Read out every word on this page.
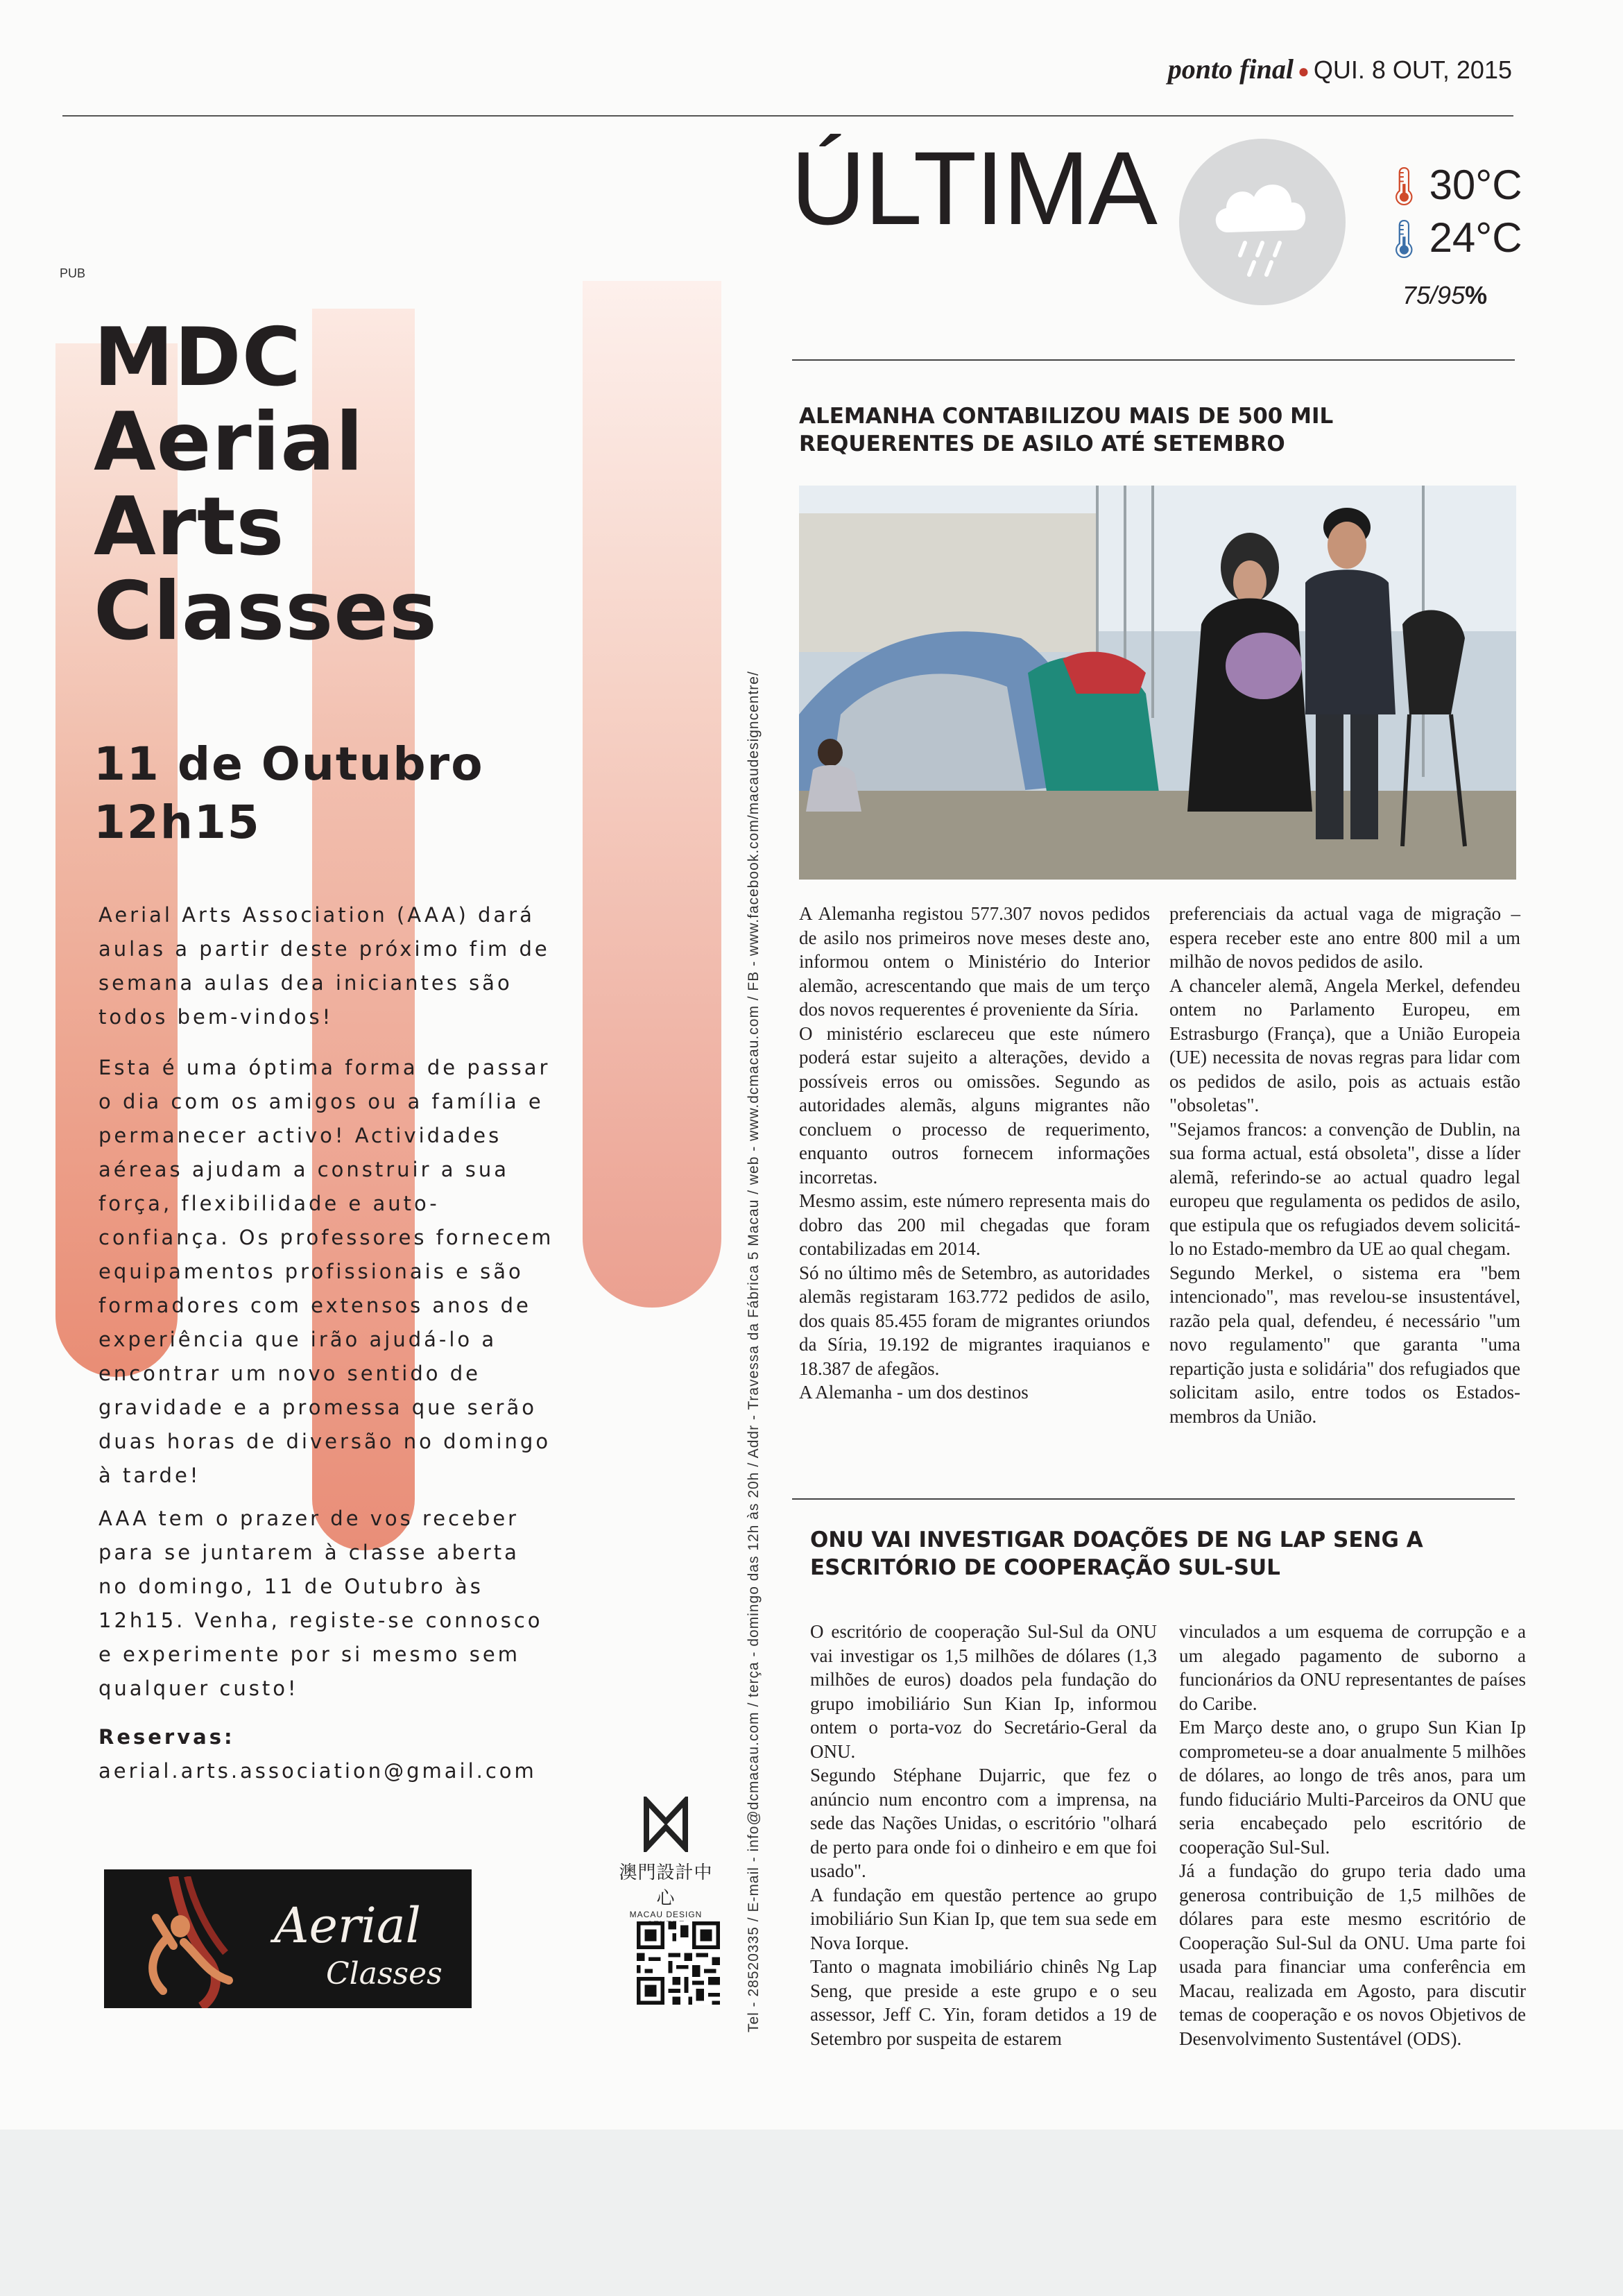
ponto final ● QUI. 8 OUT, 2015
PUB
MDC
Aerial
Arts
Classes
11 de Outubro
12h15
Aerial Arts Association (AAA) dará aulas a partir deste próximo fim de semana aulas dea iniciantes são todos bem-vindos!
Esta é uma óptima forma de passar o dia com os amigos ou a família e permanecer activo! Actividades aéreas ajudam a construir a sua força, flexibilidade e auto-confiança. Os professores fornecem equipamentos profissionais e são formadores com extensos anos de experiência que irão ajudá-lo a encontrar um novo sentido de gravidade e a promessa que serão duas horas de diversão no domingo à tarde!
AAA tem o prazer de vos receber para se juntarem à classe aberta no domingo, 11 de Outubro às 12h15. Venha, registe-se connosco e experimente por si mesmo sem qualquer custo!
Reservas:
aerial.arts.association@gmail.com
Aerial
Classes	Tel - 28520335 / E-mail - info@dcmacau.com / terça - domingo das 12h às 20h / Addr - Travessa da Fábrica 5 Macau / web - www.dcmacau.com / FB - www.facebook.com/macaudesigncentre/
澳門設計中心
MACAU DESIGN
ÚLTIMA	🌡30°C
🌡24°C
75/95%
ALEMANHA CONTABILIZOU MAIS DE 500 MIL REQUERENTES DE ASILO ATÉ SETEMBRO

A Alemanha registou 577.307 novos pedidos de asilo nos primeiros nove meses deste ano, informou ontem o Ministério do Interior alemão, acrescentando que mais de um terço dos novos requerentes é proveniente da Síria.

O ministério esclareceu que este número poderá estar sujeito a alterações, devido a possíveis erros ou omissões. Segundo as autoridades alemãs, alguns migrantes não concluem o processo de requerimento, enquanto outros fornecem informações incorretas.

Mesmo assim, este número representa mais do dobro das 200 mil chegadas que foram contabilizadas em 2014.

Só no último mês de Setembro, as autoridades alemãs registaram 163.772 pedidos de asilo, dos quais 85.455 foram de migrantes oriundos da Síria, 19.192 de migrantes iraquianos e 18.387 de afegãos.

A Alemanha - um dos destinos

preferenciais da actual vaga de migração – espera receber este ano entre 800 mil a um milhão de novos pedidos de asilo.

A chanceler alemã, Angela Merkel, defendeu ontem no Parlamento Europeu, em Estrasburgo (França), que a União Europeia (UE) necessita de novas regras para lidar com os pedidos de asilo, pois as actuais estão "obsoletas".

"Sejamos francos: a convenção de Dublin, na sua forma actual, está obsoleta", disse a líder alemã, referindo-se ao actual quadro legal europeu que regulamenta os pedidos de asilo, que estipula que os refugiados devem solicitá-lo no Estado-membro da UE ao qual chegam.

Segundo Merkel, o sistema era "bem intencionado", mas revelou-se insustentável, razão pela qual, defendeu, é necessário "um novo regulamento" que garanta "uma repartição justa e solidária" dos refugiados que solicitam asilo, entre todos os Estados-membros da União.

ONU VAI INVESTIGAR DOAÇÕES DE NG LAP SENG A ESCRITÓRIO DE COOPERAÇÃO SUL-SUL

O escritório de cooperação Sul-Sul da ONU vai investigar os 1,5 milhões de dólares (1,3 milhões de euros) doados pela fundação do grupo imobiliário Sun Kian Ip, informou ontem o porta-voz do Secretário-Geral da ONU.

Segundo Stéphane Dujarric, que fez o anúncio num encontro com a imprensa, na sede das Nações Unidas, o escritório "olhará de perto para onde foi o dinheiro e em que foi usado".

A fundação em questão pertence ao grupo imobiliário Sun Kian Ip, que tem sua sede em Nova Iorque.

Tanto o magnata imobiliário chinês Ng Lap Seng, que preside a este grupo e o seu assessor, Jeff C. Yin, foram detidos a 19 de Setembro por suspeita de estarem

vinculados a um esquema de corrupção e a um alegado pagamento de suborno a funcionários da ONU representantes de países do Caribe.

Em Março deste ano, o grupo Sun Kian Ip comprometeu-se a doar anualmente 5 milhões de dólares, ao longo de três anos, para um fundo fiduciário Multi-Parceiros da ONU que seria encabeçado pelo escritório de cooperação Sul-Sul.

Já a fundação do grupo teria dado uma generosa contribuição de 1,5 milhões de dólares para este mesmo escritório de Cooperação Sul-Sul da ONU. Uma parte foi usada para financiar uma conferência em Macau, realizada em Agosto, para discutir temas de cooperação e os novos Objetivos de Desenvolvimento Sustentável (ODS).
